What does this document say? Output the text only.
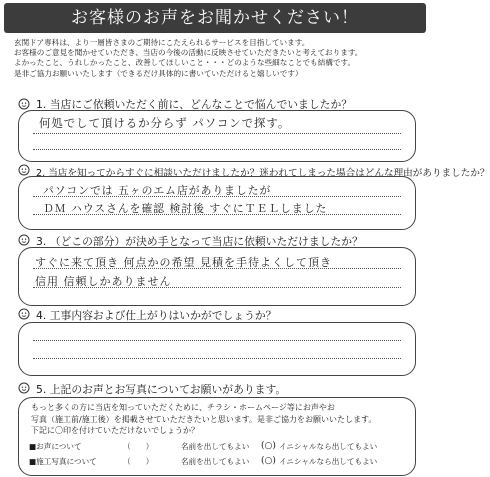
お客様のお声をお聞かせください！

玄関ドア専科は、より一層皆さまのご期待にこたえられるサービスを目指しています。
お客様のご意見を聞かせていただき、当店の今後の活動に反映させていただきたいと考えております。
よかったこと、うれしかったこと、改善してほしいこと・・・どのような些細なことでも結構です。
是非ご協力お願いいたします（できるだけ具体的に書いていただけると嬉しいです）

1. 当店にご依頼いただく前に、どんなことで悩んでいましたか？
何処でして頂けるか分らず パソコンで探す。
2. 当店を知ってからすぐに相談いただけましたか？迷われてしまった場合はどんな理由がありましたか？
パソコンでは 五ヶのエム店がありましたが
ＤＭ ハウスさんを確認 検討後 すぐにＴＥＬしました
3. （どこの部分）が決め手となって当店に依頼いただけましたか？
すぐに来て頂き 何点かの希望 見積を手待よくして頂き
信用 信頼しかありません
4. 工事内容および仕上がりはいかがでしょうか？
5. 上記のお声とお写真についてお願いがあります。
もっと多くの方に当店を知っていただくために、チラシ・ホームページ等にお声やお
写真（施工前/施工後）を掲載させていただきたいと思います。是非ご協力をお願いいたします。
下記に〇印を付けていただけないでしょうか？
■お声について	（　　）	名前を出してもよい (○) イニシャルなら出してもよい
■施工写真について	（　　）	名前を出してもよい (○) イニシャルなら出してもよい
